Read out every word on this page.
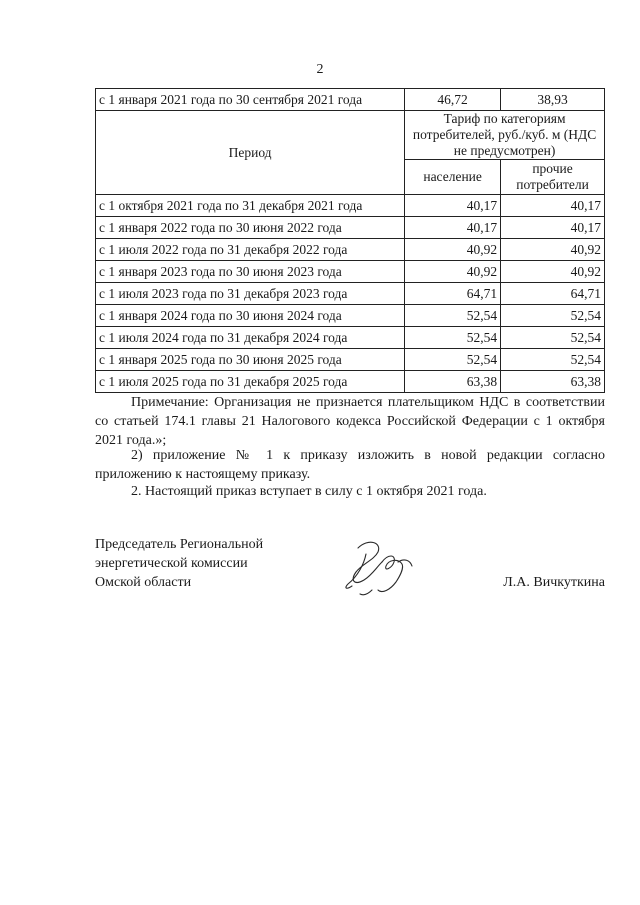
2
с 1 января 2021 года по 30 сентября 2021 года	46,72	38,93
Период	Тариф по категориям потребителей, руб./куб. м (НДС не предусмотрен)	
	население	прочие потребители
с 1 октября 2021 года по 31 декабря 2021 года	40,17	40,17
с 1 января 2022 года по 30 июня 2022 года	40,17	40,17
с 1 июля 2022 года по 31 декабря 2022 года	40,92	40,92
с 1 января 2023 года по 30 июня 2023 года	40,92	40,92
с 1 июля 2023 года по 31 декабря 2023 года	64,71	64,71
с 1 января 2024 года по 30 июня 2024 года	52,54	52,54
с 1 июля 2024 года по 31 декабря 2024 года	52,54	52,54
с 1 января 2025 года по 30 июня 2025 года	52,54	52,54
с 1 июля 2025 года по 31 декабря 2025 года	63,38	63,38
Примечание: Организация не признается плательщиком НДС в соответствии со статьей 174.1 главы 21 Налогового кодекса Российской Федерации с 1 октября 2021 года.»;
2) приложение № 1 к приказу изложить в новой редакции согласно приложению к настоящему приказу.
2. Настоящий приказ вступает в силу с 1 октября 2021 года.
Председатель Региональной
энергетической комиссии
Омской области	Л.А. Вичкуткина
